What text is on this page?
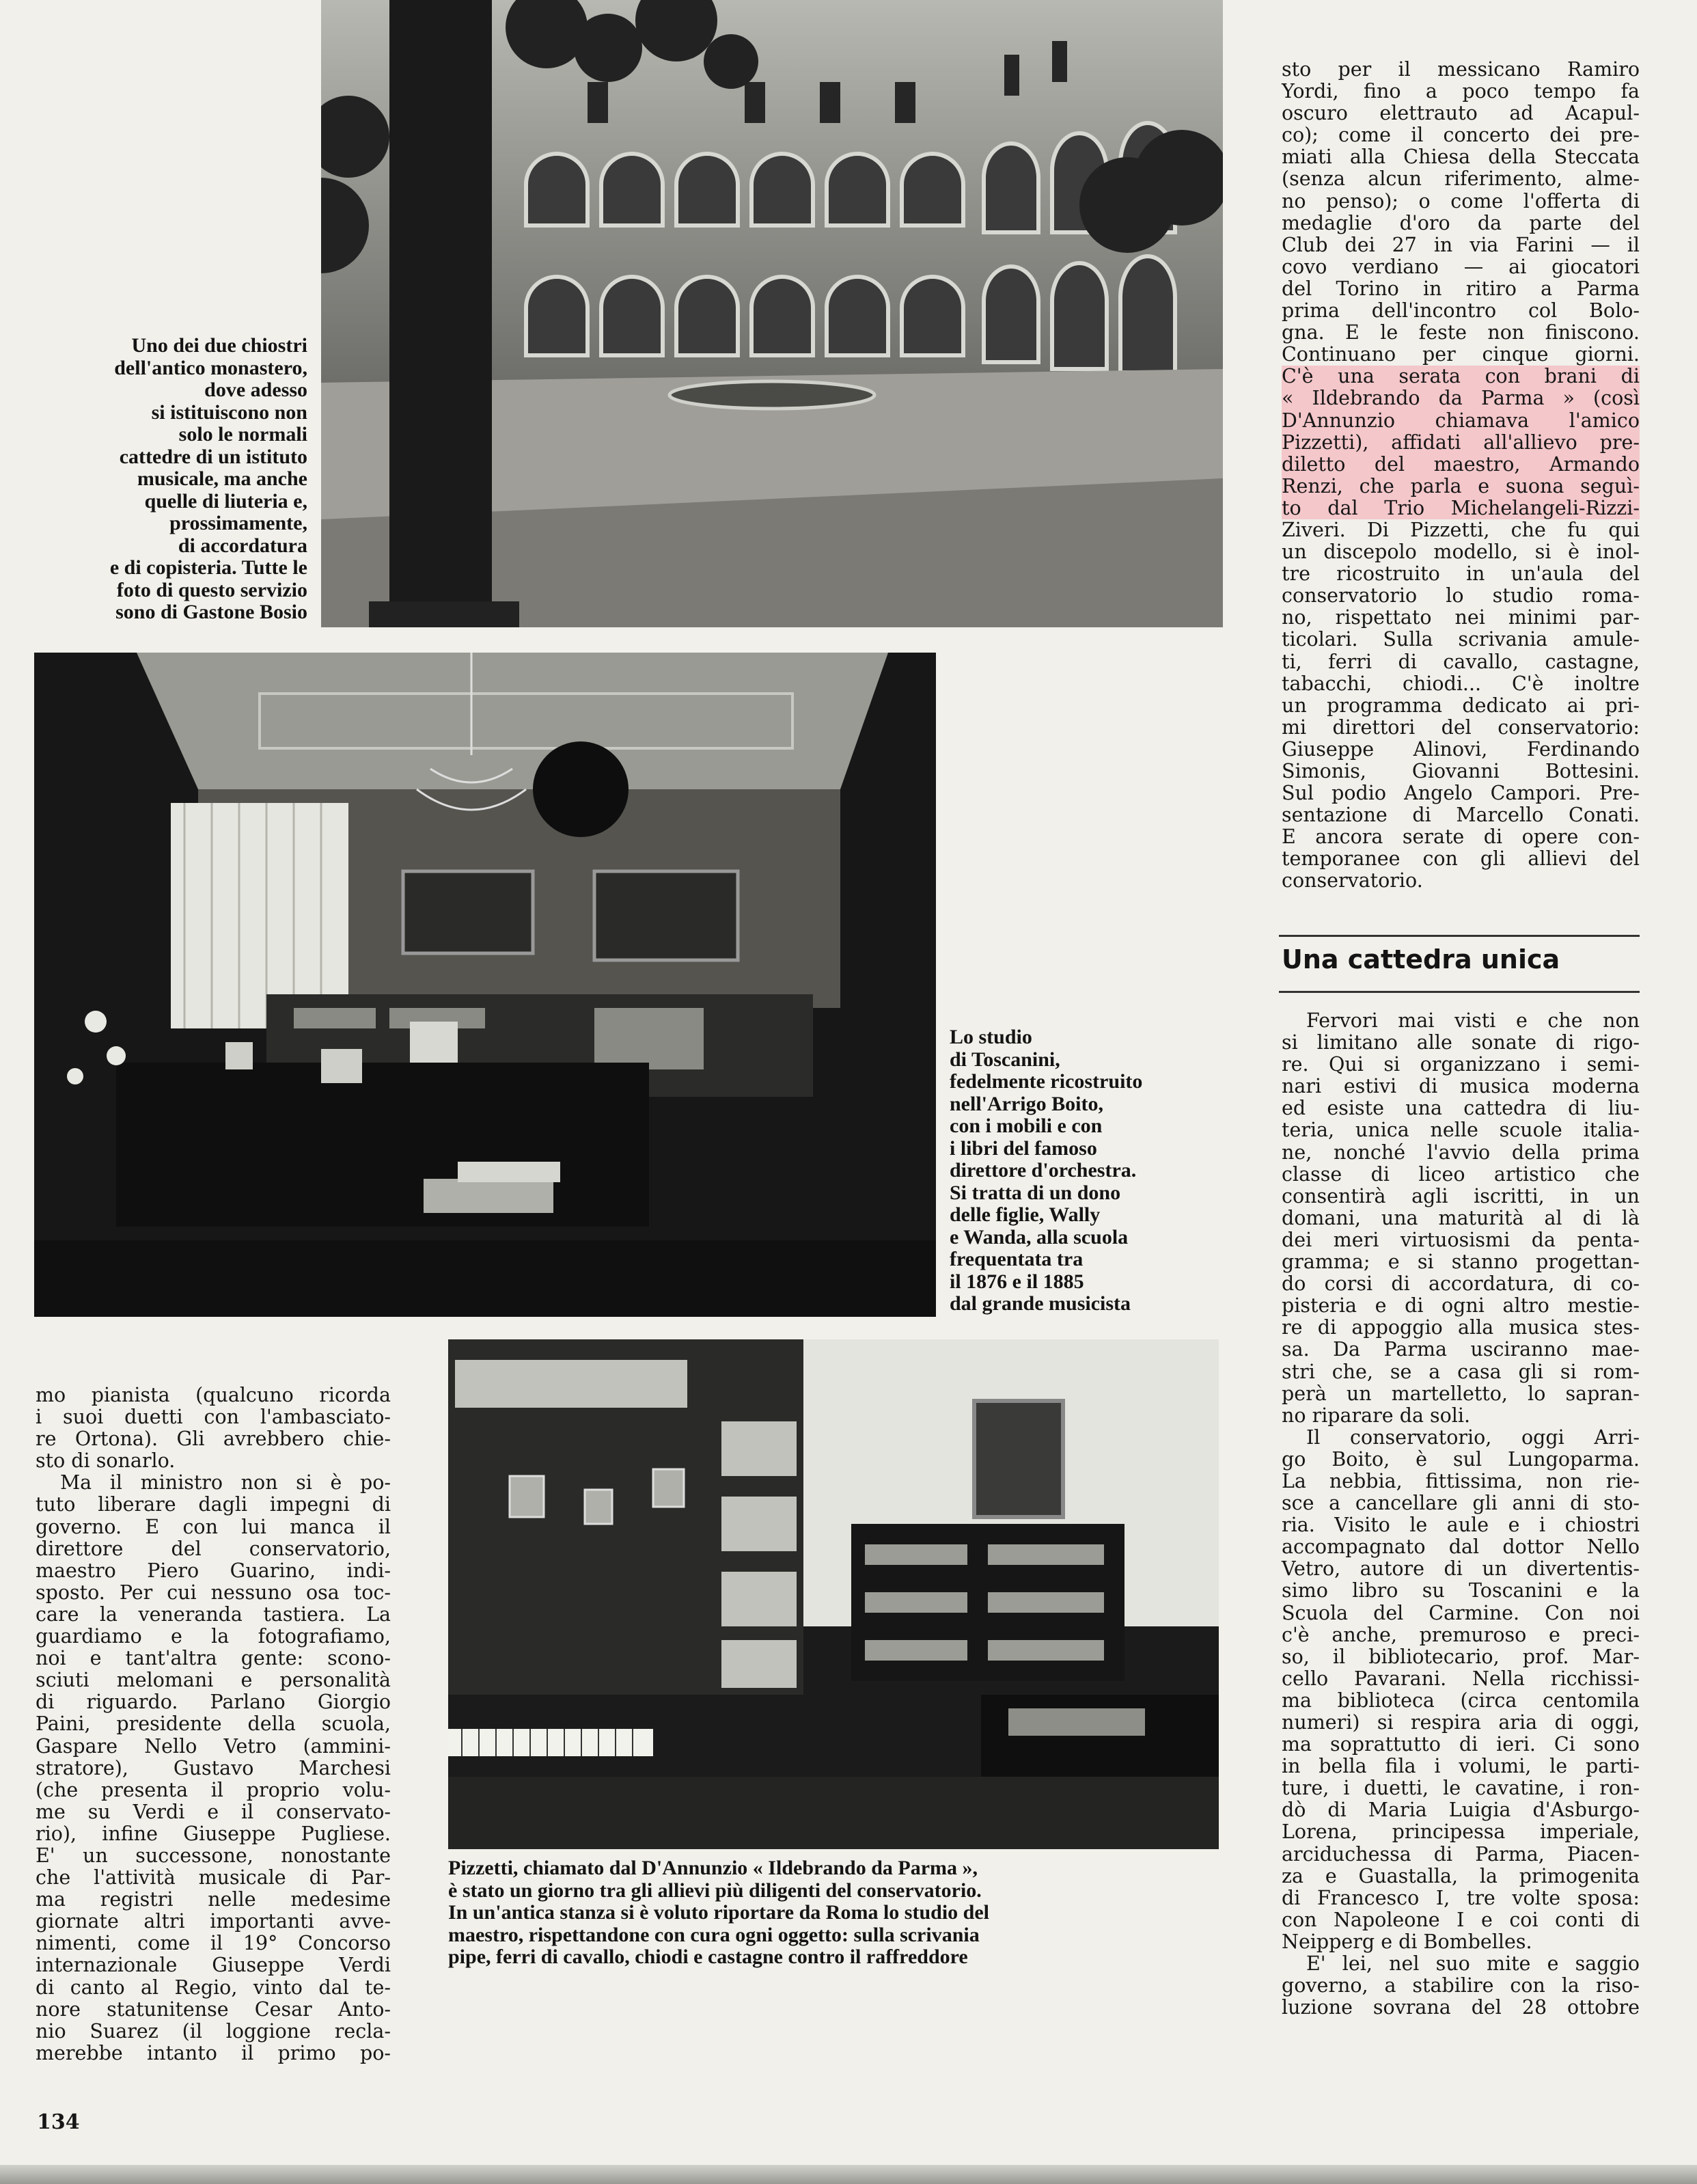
Uno dei due chiostri
dell'antico monastero,
dove adesso
si istituiscono non
solo le normali
cattedre di un istituto
musicale, ma anche
quelle di liuteria e,
prossimamente,
di accordatura
e di copisteria. Tutte le
foto di questo servizio
sono di Gastone Bosio

Lo studio
di Toscanini,
fedelmente ricostruito
nell'Arrigo Boito,
con i mobili e con
i libri del famoso
direttore d'orchestra.
Si tratta di un dono
delle figlie, Wally
e Wanda, alla scuola
frequentata tra
il 1876 e il 1885
dal grande musicista

Pizzetti, chiamato dal D'Annunzio « Ildebrando da Parma »,
è stato un giorno tra gli allievi più diligenti del conservatorio.
In un'antica stanza si è voluto riportare da Roma lo studio del
maestro, rispettandone con cura ogni oggetto: sulla scrivania
pipe, ferri di cavallo, chiodi e castagne contro il raffreddore

mo pianista (qualcuno ricorda
i suoi duetti con l'ambasciato-
re Ortona). Gli avrebbero chie-
sto di sonarlo.
Ma il ministro non si è po-
tuto liberare dagli impegni di
governo. E con lui manca il
direttore del conservatorio,
maestro Piero Guarino, indi-
sposto. Per cui nessuno osa toc-
care la veneranda tastiera. La
guardiamo e la fotografiamo,
noi e tant'altra gente: scono-
sciuti melomani e personalità
di riguardo. Parlano Giorgio
Paini, presidente della scuola,
Gaspare Nello Vetro (ammini-
stratore), Gustavo Marchesi
(che presenta il proprio volu-
me su Verdi e il conservato-
rio), infine Giuseppe Pugliese.
E' un successone, nonostante
che l'attività musicale di Par-
ma registri nelle medesime
giornate altri importanti avve-
nimenti, come il 19° Concorso
internazionale Giuseppe Verdi
di canto al Regio, vinto dal te-
nore statunitense Cesar Anto-
nio Suarez (il loggione recla-
merebbe intanto il primo po-
sto per il messicano Ramiro
Yordi, fino a poco tempo fa
oscuro elettrauto ad Acapul-
co); come il concerto dei pre-
miati alla Chiesa della Steccata
(senza alcun riferimento, alme-
no penso); o come l'offerta di
medaglie d'oro da parte del
Club dei 27 in via Farini — il
covo verdiano — ai giocatori
del Torino in ritiro a Parma
prima dell'incontro col Bolo-
gna. E le feste non finiscono.
Continuano per cinque giorni.
C'è una serata con brani di
« Ildebrando da Parma » (così
D'Annunzio chiamava l'amico
Pizzetti), affidati all'allievo pre-
diletto del maestro, Armando
Renzi, che parla e suona seguì-
to dal Trio Michelangeli-Rizzi-
Ziveri. Di Pizzetti, che fu qui
un discepolo modello, si è inol-
tre ricostruito in un'aula del
conservatorio lo studio roma-
no, rispettato nei minimi par-
ticolari. Sulla scrivania amule-
ti, ferri di cavallo, castagne,
tabacchi, chiodi... C'è inoltre
un programma dedicato ai pri-
mi direttori del conservatorio:
Giuseppe Alinovi, Ferdinando
Simonis, Giovanni Bottesini.
Sul podio Angelo Campori. Pre-
sentazione di Marcello Conati.
E ancora serate di opere con-
temporanee con gli allievi del
conservatorio.

Una cattedra unica

Fervori mai visti e che non
si limitano alle sonate di rigo-
re. Qui si organizzano i semi-
nari estivi di musica moderna
ed esiste una cattedra di liu-
teria, unica nelle scuole italia-
ne, nonché l'avvio della prima
classe di liceo artistico che
consentirà agli iscritti, in un
domani, una maturità al di là
dei meri virtuosismi da penta-
gramma; e si stanno progettan-
do corsi di accordatura, di co-
pisteria e di ogni altro mestie-
re di appoggio alla musica stes-
sa. Da Parma usciranno mae-
stri che, se a casa gli si rom-
perà un martelletto, lo sapran-
no riparare da soli.
Il conservatorio, oggi Arri-
go Boito, è sul Lungoparma.
La nebbia, fittissima, non rie-
sce a cancellare gli anni di sto-
ria. Visito le aule e i chiostri
accompagnato dal dottor Nello
Vetro, autore di un divertentis-
simo libro su Toscanini e la
Scuola del Carmine. Con noi
c'è anche, premuroso e preci-
so, il bibliotecario, prof. Mar-
cello Pavarani. Nella ricchissi-
ma biblioteca (circa centomila
numeri) si respira aria di oggi,
ma soprattutto di ieri. Ci sono
in bella fila i volumi, le parti-
ture, i duetti, le cavatine, i ron-
dò di Maria Luigia d'Asburgo-
Lorena, principessa imperiale,
arciduchessa di Parma, Piacen-
za e Guastalla, la primogenita
di Francesco I, tre volte sposa:
con Napoleone I e coi conti di
Neipperg e di Bombelles.
E' lei, nel suo mite e saggio
governo, a stabilire con la riso-
luzione sovrana del 28 ottobre

134
